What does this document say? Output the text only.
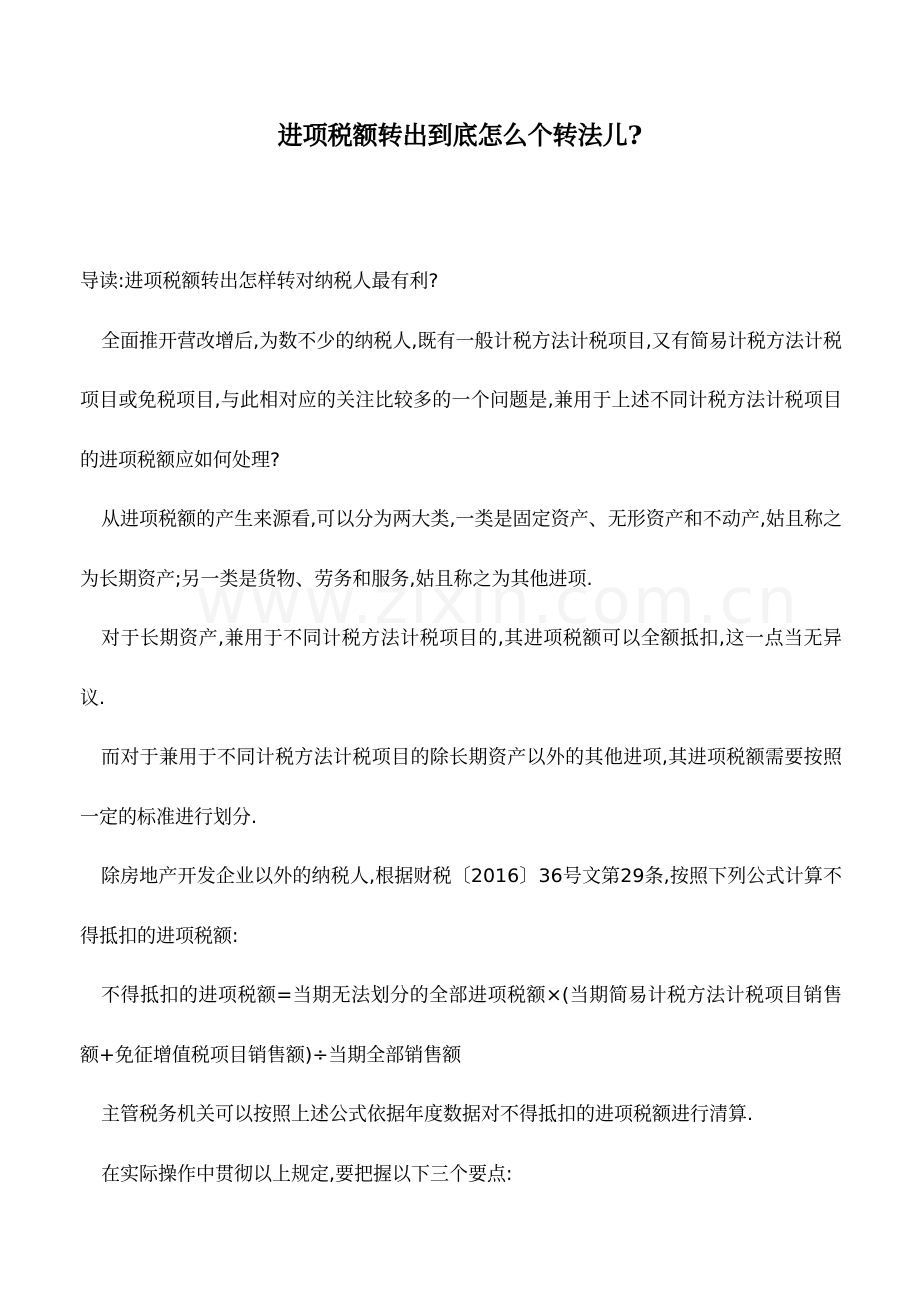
进项税额转出到底怎么个转法儿?

导读:进项税额转出怎样转对纳税人最有利?

全面推开营改增后,为数不少的纳税人,既有一般计税方法计税项目,又有简易计税方法计税项目或免税项目,与此相对应的关注比较多的一个问题是,兼用于上述不同计税方法计税项目的进项税额应如何处理?

从进项税额的产生来源看,可以分为两大类,一类是固定资产、无形资产和不动产,姑且称之为长期资产;另一类是货物、劳务和服务,姑且称之为其他进项.

对于长期资产,兼用于不同计税方法计税项目的,其进项税额可以全额抵扣,这一点当无异议.

而对于兼用于不同计税方法计税项目的除长期资产以外的其他进项,其进项税额需要按照一定的标准进行划分.

除房地产开发企业以外的纳税人,根据财税〔2016〕36号文第29条,按照下列公式计算不得抵扣的进项税额:

不得抵扣的进项税额=当期无法划分的全部进项税额×(当期简易计税方法计税项目销售额+免征增值税项目销售额)÷当期全部销售额

主管税务机关可以按照上述公式依据年度数据对不得抵扣的进项税额进行清算.

在实际操作中贯彻以上规定,要把握以下三个要点:
